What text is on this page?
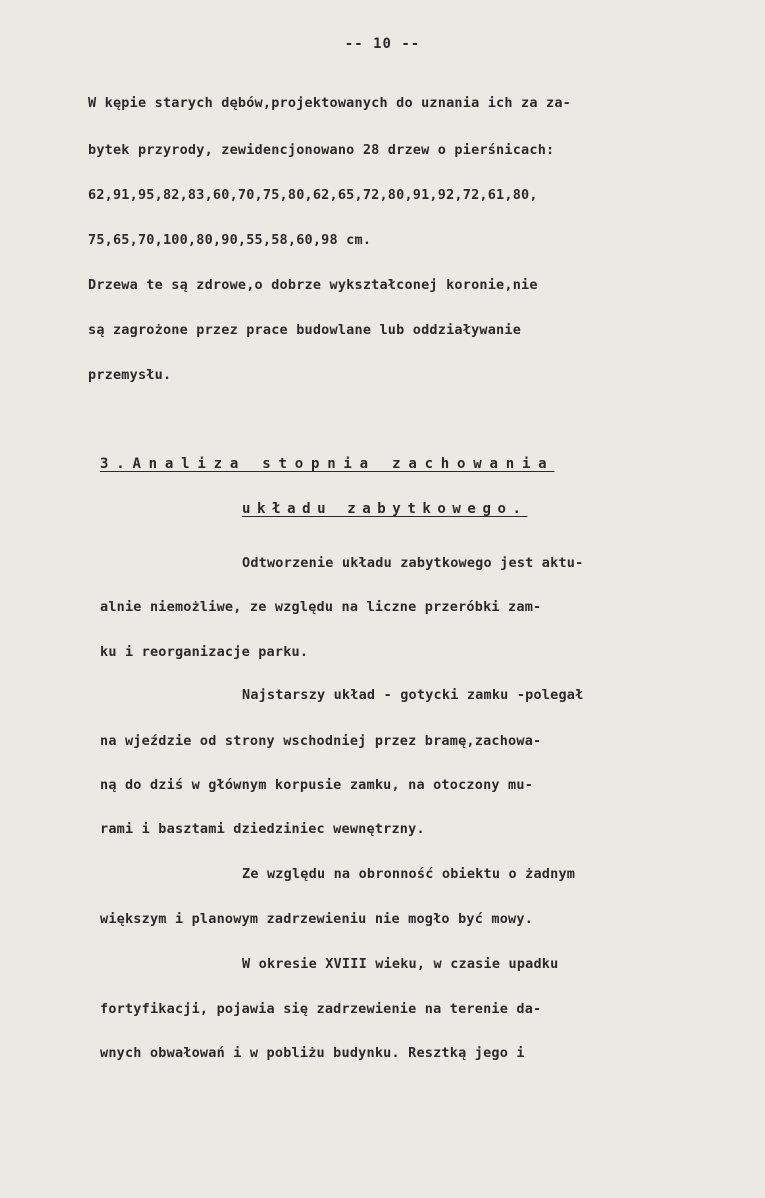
-- 10 --
W kępie starych dębów,projektowanych do uznania ich za za-
bytek przyrody, zewidencjonowano 28 drzew o pierśnicach:
62,91,95,82,83,60,70,75,80,62,65,72,80,91,92,72,61,80,
75,65,70,100,80,90,55,58,60,98 cm.
Drzewa te są zdrowe,o dobrze wykształconej koronie,nie
są zagrożone przez prace budowlane lub oddziaływanie
przemysłu.
3.Analiza stopnia zachowania
układu zabytkowego.
Odtworzenie układu zabytkowego jest aktu-
alnie niemożliwe, ze względu na liczne przeróbki zam-
ku i reorganizacje parku.
Najstarszy układ - gotycki zamku -polegał
na wjeździe od strony wschodniej przez bramę,zachowa-
ną do dziś w głównym korpusie zamku, na otoczony mu-
rami i basztami dziedziniec wewnętrzny.
Ze względu na obronność obiektu o żadnym
większym i planowym zadrzewieniu nie mogło być mowy.
W okresie XVIII wieku, w czasie upadku
fortyfikacji, pojawia się zadrzewienie na terenie da-
wnych obwałowań i w pobliżu budynku. Resztką jego i
